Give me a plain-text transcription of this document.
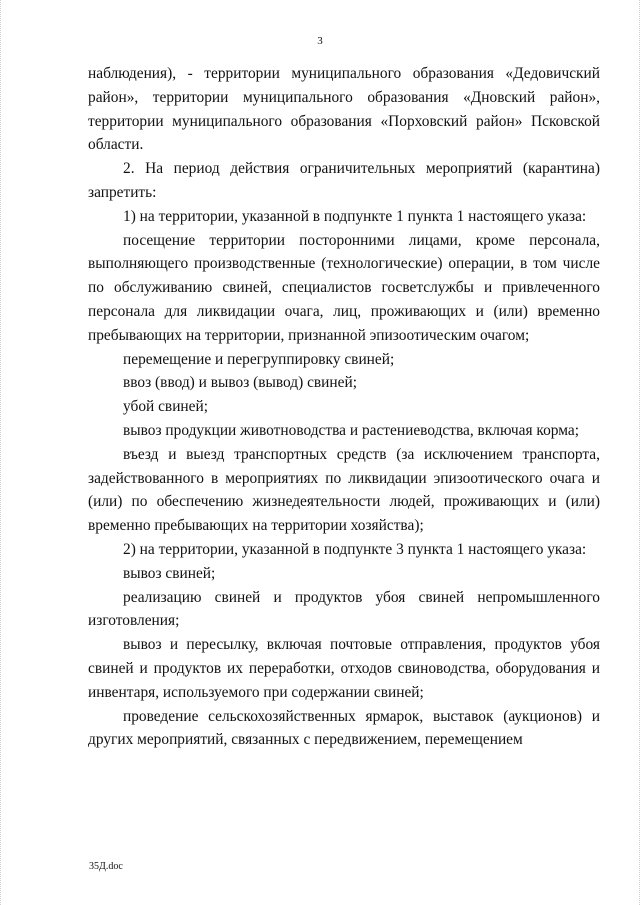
3

наблюдения), - территории муниципального образования «Дедовичский район», территории муниципального образования «Дновский район», территории муниципального образования «Порховский район» Псковской области.

2. На период действия ограничительных мероприятий (карантина) запретить:

1) на территории, указанной в подпункте 1 пункта 1 настоящего указа:

посещение территории посторонними лицами, кроме персонала, выполняющего производственные (технологические) операции, в том числе по обслуживанию свиней, специалистов госветслужбы и привлеченного персонала для ликвидации очага, лиц, проживающих и (или) временно пребывающих на территории, признанной эпизоотическим очагом;

перемещение и перегруппировку свиней;

ввоз (ввод) и вывоз (вывод) свиней;

убой свиней;

вывоз продукции животноводства и растениеводства, включая корма;

въезд и выезд транспортных средств (за исключением транспорта, задействованного в мероприятиях по ликвидации эпизоотического очага и (или) по обеспечению жизнедеятельности людей, проживающих и (или) временно пребывающих на территории хозяйства);

2) на территории, указанной в подпункте 3 пункта 1 настоящего указа:

вывоз свиней;

реализацию свиней и продуктов убоя свиней непромышленного изготовления;

вывоз и пересылку, включая почтовые отправления, продуктов убоя свиней и продуктов их переработки, отходов свиноводства, оборудования и инвентаря, используемого при содержании свиней;

проведение сельскохозяйственных ярмарок, выставок (аукционов) и других мероприятий, связанных с передвижением, перемещением

35Д.doc
